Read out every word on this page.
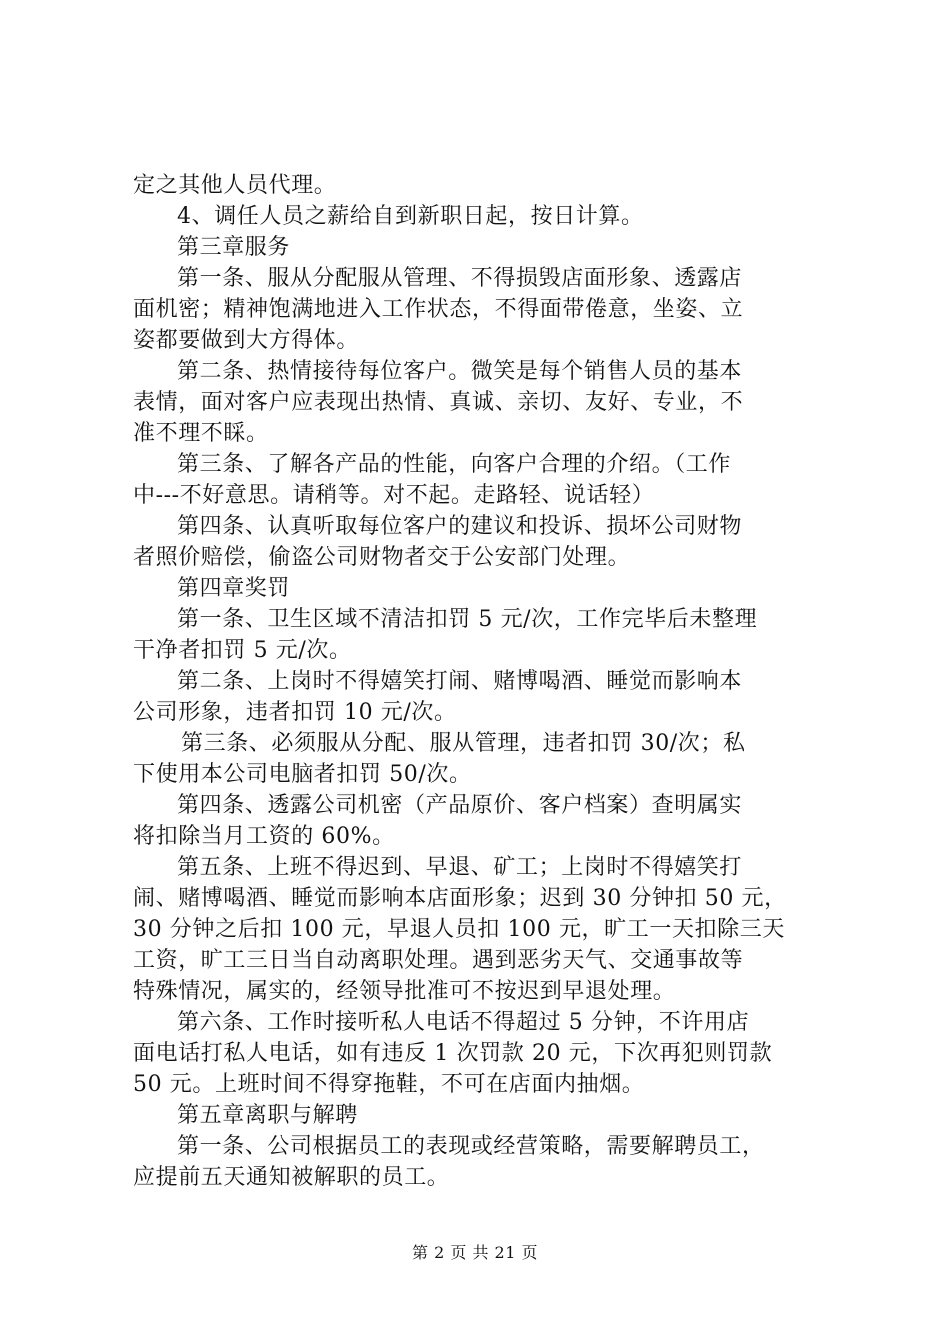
定之其他人员代理。
4、调任人员之薪给自到新职日起，按日计算。
第三章服务
第一条、服从分配服从管理、不得损毁店面形象、透露店
面机密；精神饱满地进入工作状态，不得面带倦意，坐姿、立
姿都要做到大方得体。
第二条、热情接待每位客户。微笑是每个销售人员的基本
表情，面对客户应表现出热情、真诚、亲切、友好、专业，不
准不理不睬。
第三条、了解各产品的性能，向客户合理的介绍。（工作
中---不好意思。请稍等。对不起。走路轻、说话轻）
第四条、认真听取每位客户的建议和投诉、损坏公司财物
者照价赔偿，偷盗公司财物者交于公安部门处理。
第四章奖罚
第一条、卫生区域不清洁扣罚 5 元/次，工作完毕后未整理
干净者扣罚 5 元/次。
第二条、上岗时不得嬉笑打闹、赌博喝酒、睡觉而影响本
公司形象，违者扣罚 10 元/次。
第三条、必须服从分配、服从管理，违者扣罚 30/次；私
下使用本公司电脑者扣罚 50/次。
第四条、透露公司机密（产品原价、客户档案）查明属实
将扣除当月工资的 60%。
第五条、上班不得迟到、早退、矿工；上岗时不得嬉笑打
闹、赌博喝酒、睡觉而影响本店面形象；迟到 30 分钟扣 50 元，
30 分钟之后扣 100 元，早退人员扣 100 元，旷工一天扣除三天
工资，旷工三日当自动离职处理。遇到恶劣天气、交通事故等
特殊情况，属实的，经领导批准可不按迟到早退处理。
第六条、工作时接听私人电话不得超过 5 分钟，不许用店
面电话打私人电话，如有违反 1 次罚款 20 元，下次再犯则罚款
50 元。上班时间不得穿拖鞋，不可在店面内抽烟。
第五章离职与解聘
第一条、公司根据员工的表现或经营策略，需要解聘员工，
应提前五天通知被解职的员工。
第 2 页 共 21 页
